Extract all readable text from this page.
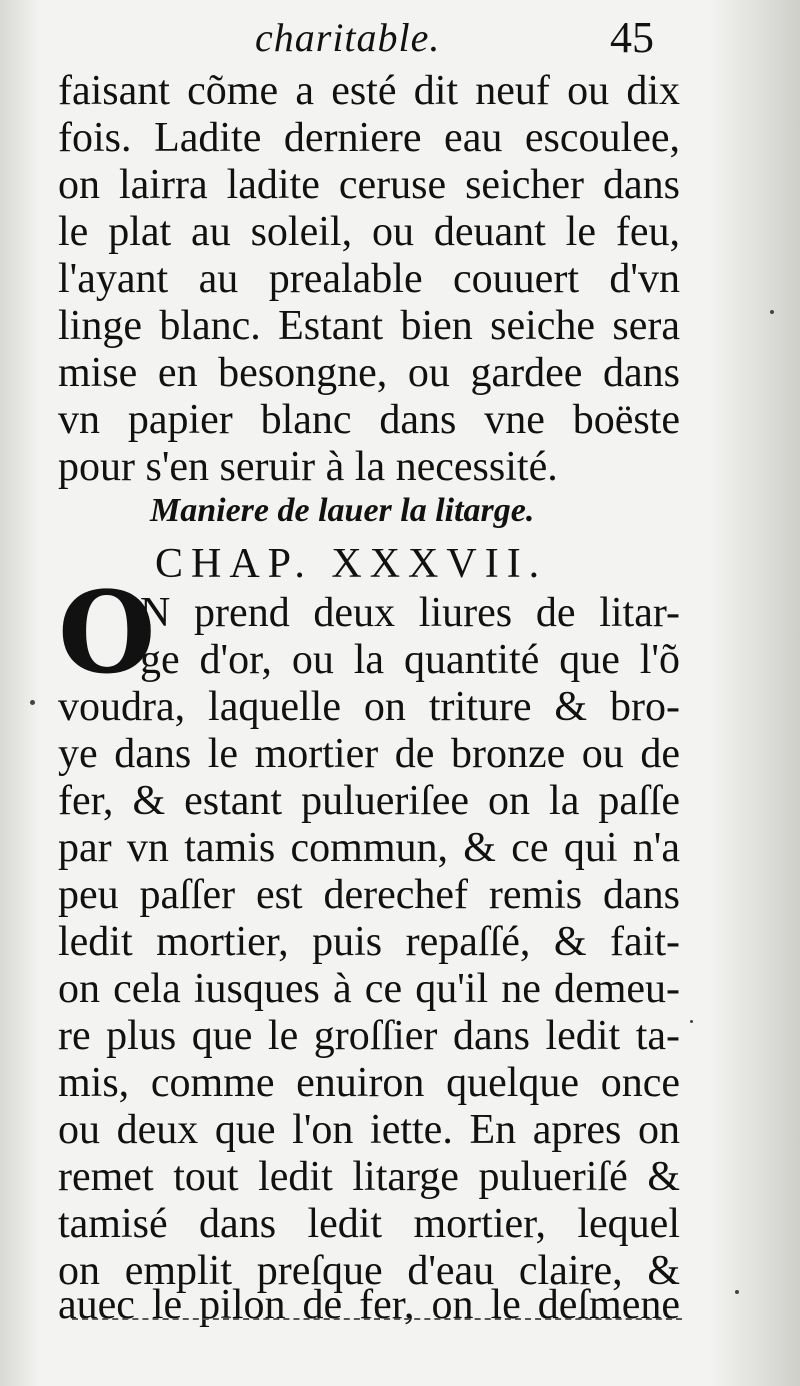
charitable.	45
faisant cõme a esté dit neuf ou dix
fois. Ladite derniere eau escoulee,
on lairra ladite ceruse seicher dans
le plat au soleil, ou deuant le feu,
l'ayant au prealable couuert d'vn
linge blanc. Estant bien seiche sera
mise en besongne, ou gardee dans
vn papier blanc dans vne boëste
pour s'en seruir à la necessité.
Maniere de lauer la litarge.
CHAP. XXXVII.
O
N prend deux liures de litar-
ge d'or, ou la quantité que l'õ
voudra, laquelle on triture & bro-
ye dans le mortier de bronze ou de
fer, & estant pulueriſee on la paſſe
par vn tamis commun, & ce qui n'a
peu paſſer est derechef remis dans
ledit mortier, puis repaſſé, & fait-
on cela iusques à ce qu'il ne demeu-
re plus que le groſſier dans ledit ta-
mis, comme enuiron quelque once
ou deux que l'on iette. En apres on
remet tout ledit litarge pulueriſé &
tamisé dans ledit mortier, lequel
on emplit preſque d'eau claire, &
auec le pilon de fer, on le deſmene
